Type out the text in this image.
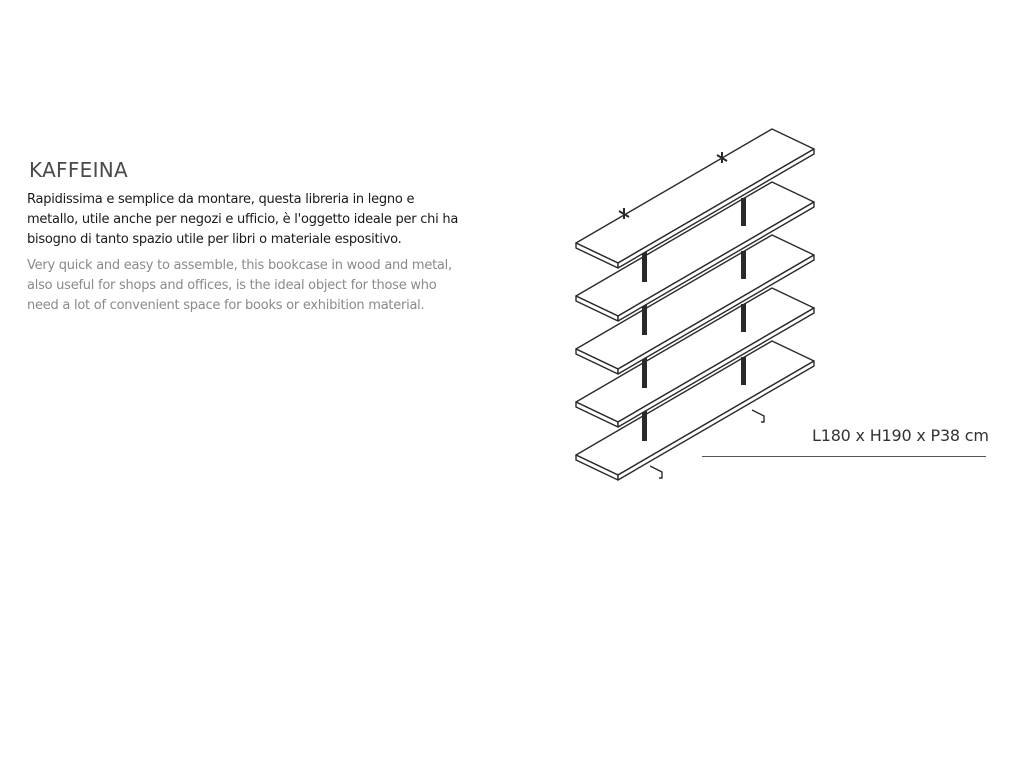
KAFFEINA

Rapidissima e semplice da montare, questa libreria in legno e metallo, utile anche per negozi e ufficio, è l'oggetto ideale per chi ha bisogno di tanto spazio utile per libri o materiale espositivo.

Very quick and easy to assemble, this bookcase in wood and metal, also useful for shops and offices, is the ideal object for those who need a lot of convenient space for books or exhibition material.

L180 x H190 x P38 cm
